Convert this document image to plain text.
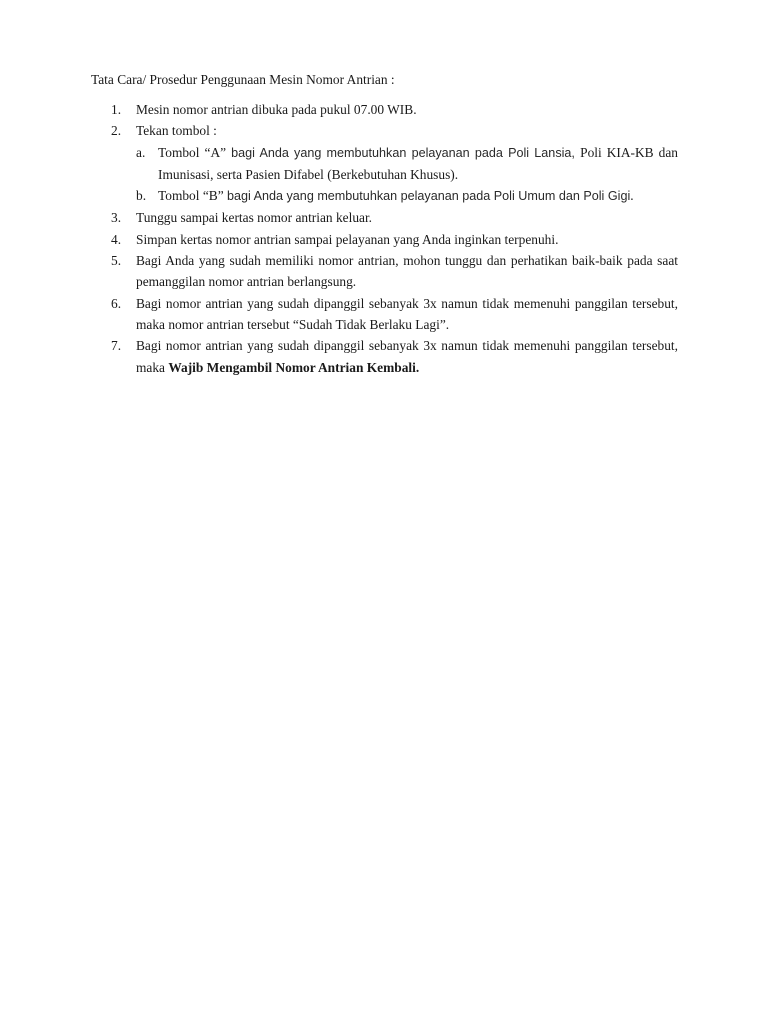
Tata Cara/ Prosedur Penggunaan Mesin Nomor Antrian :
1. Mesin nomor antrian dibuka pada pukul 07.00 WIB.
2. Tekan tombol :
a. Tombol “A” bagi Anda yang membutuhkan pelayanan pada Poli Lansia, Poli KIA-KB dan Imunisasi, serta Pasien Difabel (Berkebutuhan Khusus).
b. Tombol “B” bagi Anda yang membutuhkan pelayanan pada Poli Umum dan Poli Gigi.
3. Tunggu sampai kertas nomor antrian keluar.
4. Simpan kertas nomor antrian sampai pelayanan yang Anda inginkan terpenuhi.
5. Bagi Anda yang sudah memiliki nomor antrian, mohon tunggu dan perhatikan baik-baik pada saat pemanggilan nomor antrian berlangsung.
6. Bagi nomor antrian yang sudah dipanggil sebanyak 3x namun tidak memenuhi panggilan tersebut, maka nomor antrian tersebut “Sudah Tidak Berlaku Lagi”.
7. Bagi nomor antrian yang sudah dipanggil sebanyak 3x namun tidak memenuhi panggilan tersebut, maka Wajib Mengambil Nomor Antrian Kembali.
